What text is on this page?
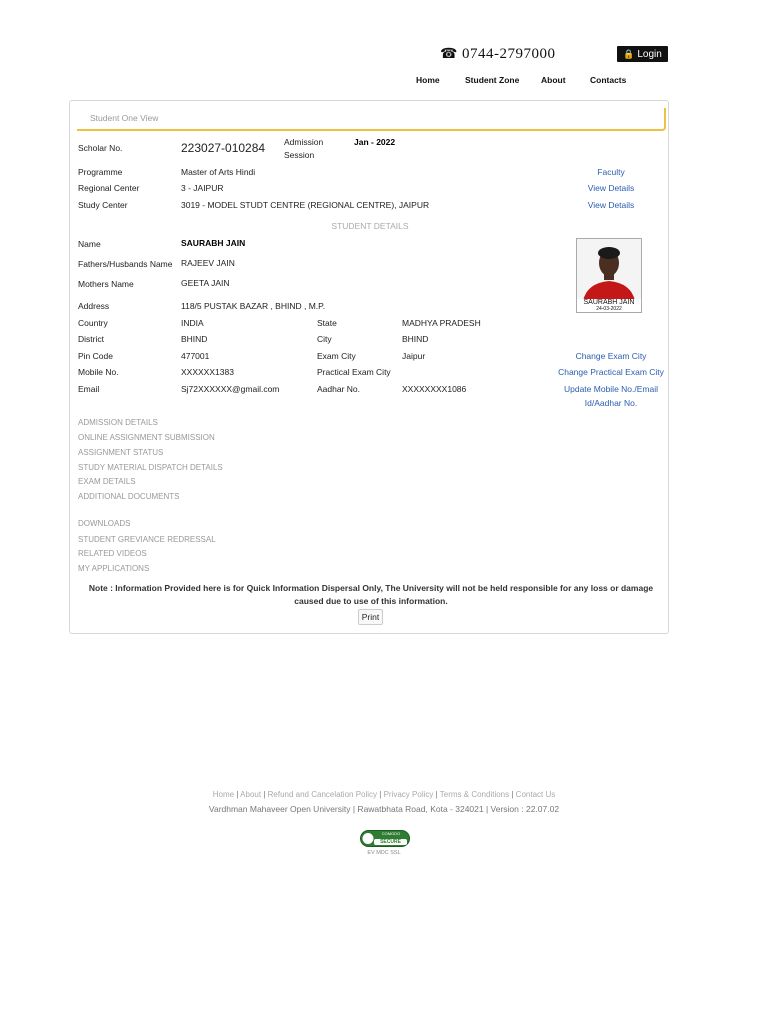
☎ 0744-2797000	🔒 Login
Home	Student Zone	About	Contacts
Student One View
Scholar No.	223027-010284 Admission
Session
Jan - 2022
Programme	Master of Arts Hindi	Faculty
Regional Center	3 - JAIPUR	View Details
Study Center	3019 - MODEL STUDT CENTRE (REGIONAL CENTRE), JAIPUR	View Details
STUDENT DETAILS
Name	SAURABH JAIN
Fathers/Husbands Name RAJEEV JAIN
Mothers Name	GEETA JAIN
Address	118/5 PUSTAK BAZAR , BHIND , M.P.
Country	INDIA	State	MADHYA PRADESH
District	BHIND	City	BHIND
Pin Code	477001	Exam City	Jaipur	Change Exam City
Mobile No.	XXXXXX1383	Practical Exam City	Change Practical Exam City
Email	Sj72XXXXXX@gmail.com	Aadhar No.	XXXXXXXX1086	Update Mobile No./Email
Id/Aadhar No.
SAURABH JAIN
24-03-2022
ADMISSION DETAILS
ONLINE ASSIGNMENT SUBMISSION
ASSIGNMENT STATUS
STUDY MATERIAL DISPATCH DETAILS
EXAM DETAILS
ADDITIONAL DOCUMENTS
DOWNLOADS
STUDENT GREVIANCE REDRESSAL
RELATED VIDEOS
MY APPLICATIONS
Note : Information Provided here is for Quick Information Dispersal Only, The University will not be held responsible for any loss or damage caused due to use of this information.
Print
Home | About | Refund and Cancelation Policy | Privacy Policy | Terms & Conditions | Contact Us
Vardhman Mahaveer Open University | Rawatbhata Road, Kota - 324021 | Version : 22.07.02
COMODO
SECURE
EV MDC SSL
